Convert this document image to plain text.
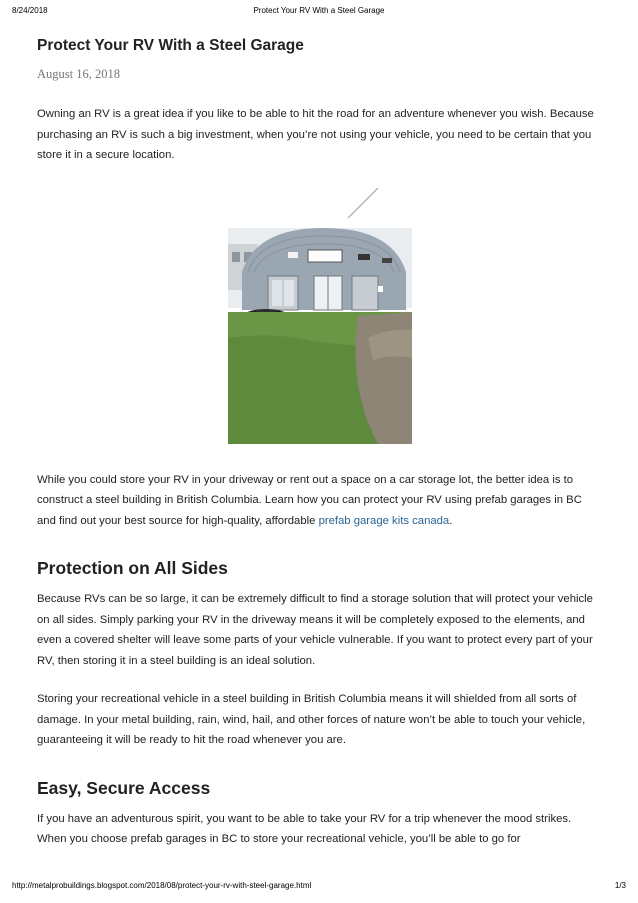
8/24/2018	Protect Your RV With a Steel Garage
Protect Your RV With a Steel Garage
August 16, 2018

Owning an RV is a great idea if you like to be able to hit the road for an adventure whenever you wish. Because purchasing an RV is such a big investment, when you’re not using your vehicle, you need to be certain that you store it in a secure location.

While you could store your RV in your driveway or rent out a space on a car storage lot, the better idea is to construct a steel building in British Columbia. Learn how you can protect your RV using prefab garages in BC and find out your best source for high-quality, affordable prefab garage kits canada.

Protection on All Sides

Because RVs can be so large, it can be extremely difficult to find a storage solution that will protect your vehicle on all sides. Simply parking your RV in the driveway means it will be completely exposed to the elements, and even a covered shelter will leave some parts of your vehicle vulnerable. If you want to protect every part of your RV, then storing it in a steel building is an ideal solution.

Storing your recreational vehicle in a steel building in British Columbia means it will shielded from all sorts of damage. In your metal building, rain, wind, hail, and other forces of nature won’t be able to touch your vehicle, guaranteeing it will be ready to hit the road whenever you are.

Easy, Secure Access

If you have an adventurous spirit, you want to be able to take your RV for a trip whenever the mood strikes. When you choose prefab garages in BC to store your recreational vehicle, you’ll be able to go for

http://metalprobuildings.blogspot.com/2018/08/protect-your-rv-with-steel-garage.html	1/3
